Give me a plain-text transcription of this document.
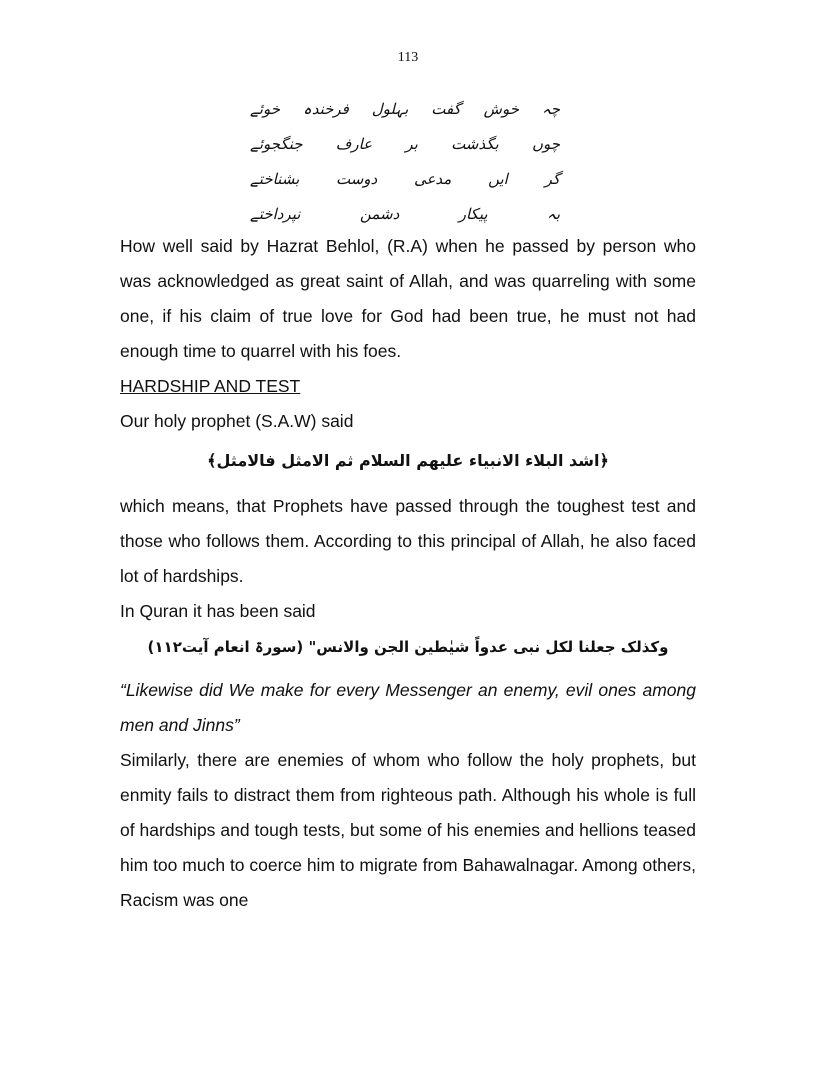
113
چہ
خوش
گفت
بہلول
فرخندہ
خوئے
چوں
بگذشت
بر
عارف
جنگجوئے
گر
ایں
مدعی
دوست
بشناختے
بہ
پیکار
دشمن
نپرداختے

How well said by Hazrat Behlol, (R.A) when he passed by person who was acknowledged as great saint of Allah, and was quarreling with some one, if his claim of true love for God had been true, he must not had enough time to quarrel with his foes.

HARDSHIP AND TEST

Our holy prophet (S.A.W) said

﴿اشد البلاء الانبياء عليهم السلام ثم الامثل فالامثل﴾

which means, that Prophets have passed through the toughest test and those who follows them. According to this principal of Allah, he also faced lot of hardships.

In Quran it has been said

وکذلک جعلنا لکل نبی عدواً شیٰطین الجن والانس" (سورۃ انعام آیت۱۱۲)

“Likewise did We make for every Messenger an enemy, evil ones among men and Jinns”

Similarly, there are enemies of whom who follow the holy prophets, but enmity fails to distract them from righteous path. Although his whole is full of hardships and tough tests, but some of his enemies and hellions teased him too much to coerce him to migrate from Bahawalnagar. Among others, Racism was one
